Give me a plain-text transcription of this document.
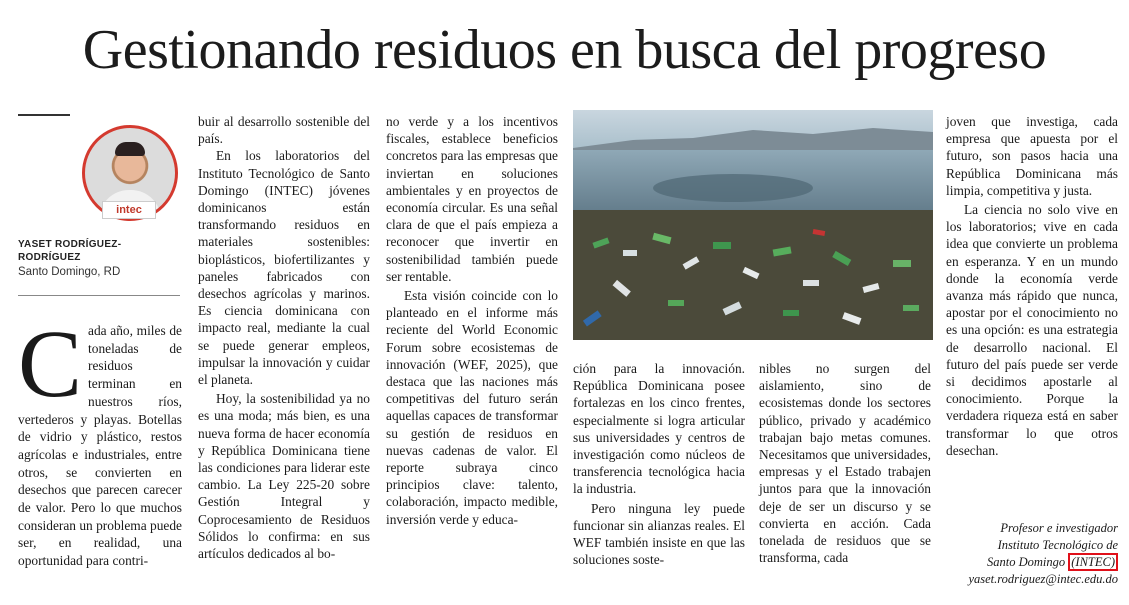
Gestionando residuos en busca del progreso
intec
YASET RODRÍGUEZ-RODRÍGUEZ
Santo Domingo, RD
C ada año, miles de toneladas de residuos terminan en nuestros ríos, vertederos y playas. Botellas de vidrio y plástico, restos agrícolas e industriales, entre otros, se convierten en desechos que parecen carecer de valor. Pero lo que muchos consideran un problema puede ser, en realidad, una oportunidad para contri-

buir al desarrollo sostenible del país.

En los laboratorios del Instituto Tecnológico de Santo Domingo (INTEC) jóvenes dominicanos están transformando residuos en materiales sostenibles: bioplásticos, biofertilizantes y paneles fabricados con desechos agrícolas y marinos. Es ciencia dominicana con impacto real, mediante la cual se puede generar empleos, impulsar la innovación y cuidar el planeta.

Hoy, la sostenibilidad ya no es una moda; más bien, es una nueva forma de hacer economía y República Dominicana tiene las condiciones para liderar este cambio. La Ley 225-20 sobre Gestión Integral y Coprocesamiento de Residuos Sólidos lo confirma: en sus artículos dedicados al bo-

no verde y a los incentivos fiscales, establece beneficios concretos para las empresas que inviertan en soluciones ambientales y en proyectos de economía circular. Es una señal clara de que el país empieza a reconocer que invertir en sostenibilidad también puede ser rentable.

Esta visión coincide con lo planteado en el informe más reciente del World Economic Forum sobre ecosistemas de innovación (WEF, 2025), que destaca que las naciones más competitivas del futuro serán aquellas capaces de transformar su gestión de residuos en nuevas cadenas de valor. El reporte subraya cinco principios clave: talento, colaboración, impacto medible, inversión verde y educa-

ción para la innovación. República Dominicana posee fortalezas en los cinco frentes, especialmente si logra articular sus universidades y centros de investigación como núcleos de transferencia tecnológica hacia la industria.

Pero ninguna ley puede funcionar sin alianzas reales. El WEF también insiste en que las soluciones soste-

nibles no surgen del aislamiento, sino de ecosistemas donde los sectores público, privado y académico trabajan bajo metas comunes. Necesitamos que universidades, empresas y el Estado trabajen juntos para que la innovación deje de ser un discurso y se convierta en acción. Cada tonelada de residuos que se transforma, cada

joven que investiga, cada empresa que apuesta por el futuro, son pasos hacia una República Dominicana más limpia, competitiva y justa.

La ciencia no solo vive en los laboratorios; vive en cada idea que convierte un problema en esperanza. Y en un mundo donde la economía verde avanza más rápido que nunca, apostar por el conocimiento no es una opción: es una estrategia de desarrollo nacional. El futuro del país puede ser verde si decidimos apostarle al conocimiento. Porque la verdadera riqueza está en saber transformar lo que otros desechan.

Profesor e investigador
Instituto Tecnológico de
Santo Domingo (INTEC)
yaset.rodriguez@intec.edu.do
